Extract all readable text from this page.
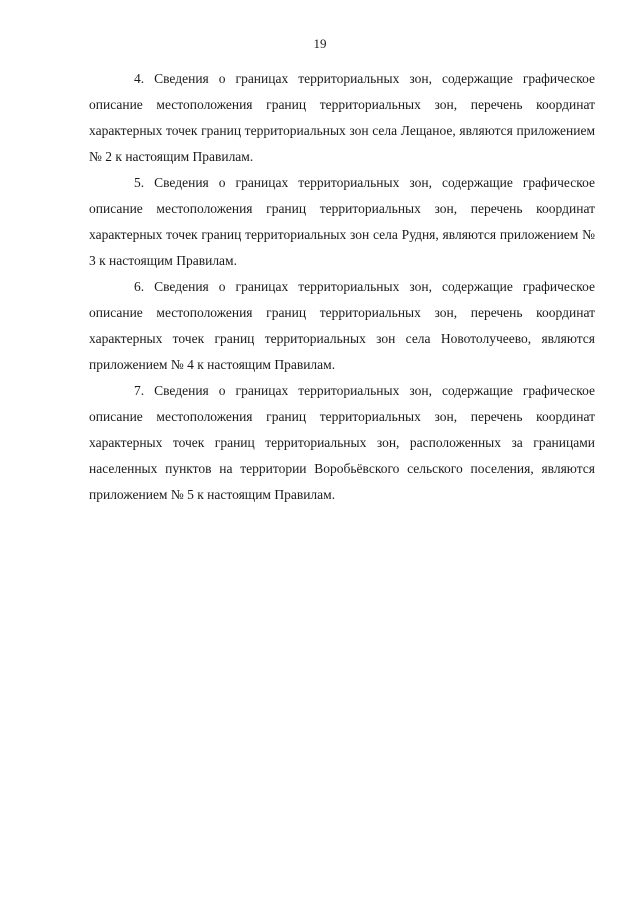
19

4. Сведения о границах территориальных зон, содержащие графическое описание местоположения границ территориальных зон, перечень координат характерных точек границ территориальных зон села Лещаное, являются приложением № 2 к настоящим Правилам.

5. Сведения о границах территориальных зон, содержащие графическое описание местоположения границ территориальных зон, перечень координат характерных точек границ территориальных зон села Рудня, являются приложением № 3 к настоящим Правилам.

6. Сведения о границах территориальных зон, содержащие графическое описание местоположения границ территориальных зон, перечень координат характерных точек границ территориальных зон села Новотолучеево, являются приложением № 4 к настоящим Правилам.

7. Сведения о границах территориальных зон, содержащие графическое описание местоположения границ территориальных зон, перечень координат характерных точек границ территориальных зон, расположенных за границами населенных пунктов на территории Воробьёвского сельского поселения, являются приложением № 5 к настоящим Правилам.
